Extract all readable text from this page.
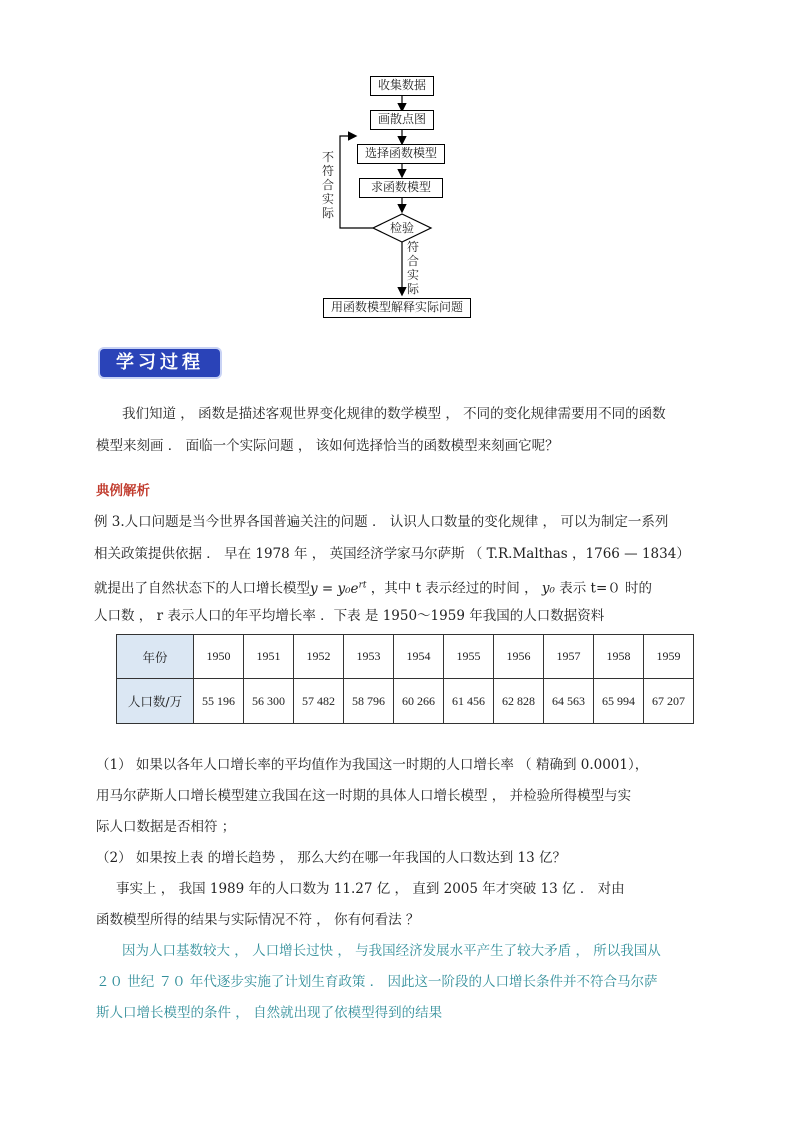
收集数据
画散点图
选择函数模型
求函数模型
检验
用函数模型解释实际问题
不
符
合
实
际
符
合
实
际
学习过程
我们知道 ， 函数是描述客观世界变化规律的数学模型 ， 不同的变化规律需要用不同的函数
模型来刻画 ． 面临一个实际问题 ， 该如何选择恰当的函数模型来刻画它呢？
典例解析
例 3.人口问题是当今世界各国普遍关注的问题 ． 认识人口数量的变化规律 ， 可以为制定一系列
相关政策提供依据 ． 早在 1978 年 ， 英国经济学家马尔萨斯 （ T.R.Malthas ，1766 — 1834）
就提出了自然状态下的人口增长模型$y = y_0e^{rt}$ ，其中 t 表示经过的时间 ， y₀ 表示 t=０ 时的
人口数 ， r 表示人口的年平均增长率 ．下表 是 1950～1959 年我国的人口数据资料
年份	1950	1951	1952	1953	1954	1955	1956	1957	1958	1959
人口数/万	55 196	56 300	57 482	58 796	60 266	61 456	62 828	64 563	65 994	67 207
（1） 如果以各年人口增长率的平均值作为我国这一时期的人口增长率 （ 精确到 0.0001），
用马尔萨斯人口增长模型建立我国在这一时期的具体人口增长模型 ， 并检验所得模型与实
际人口数据是否相符 ；
（2） 如果按上表 的增长趋势 ， 那么大约在哪一年我国的人口数达到 13 亿？
事实上 ， 我国 1989 年的人口数为 11.27 亿 ， 直到 2005 年才突破 13 亿 ． 对由
函数模型所得的结果与实际情况不符 ， 你有何看法 ？
因为人口基数较大 ， 人口增长过快 ， 与我国经济发展水平产生了较大矛盾 ， 所以我国从
２０ 世纪 ７０ 年代逐步实施了计划生育政策 ． 因此这一阶段的人口增长条件并不符合马尔萨
斯人口增长模型的条件 ， 自然就出现了依模型得到的结果
